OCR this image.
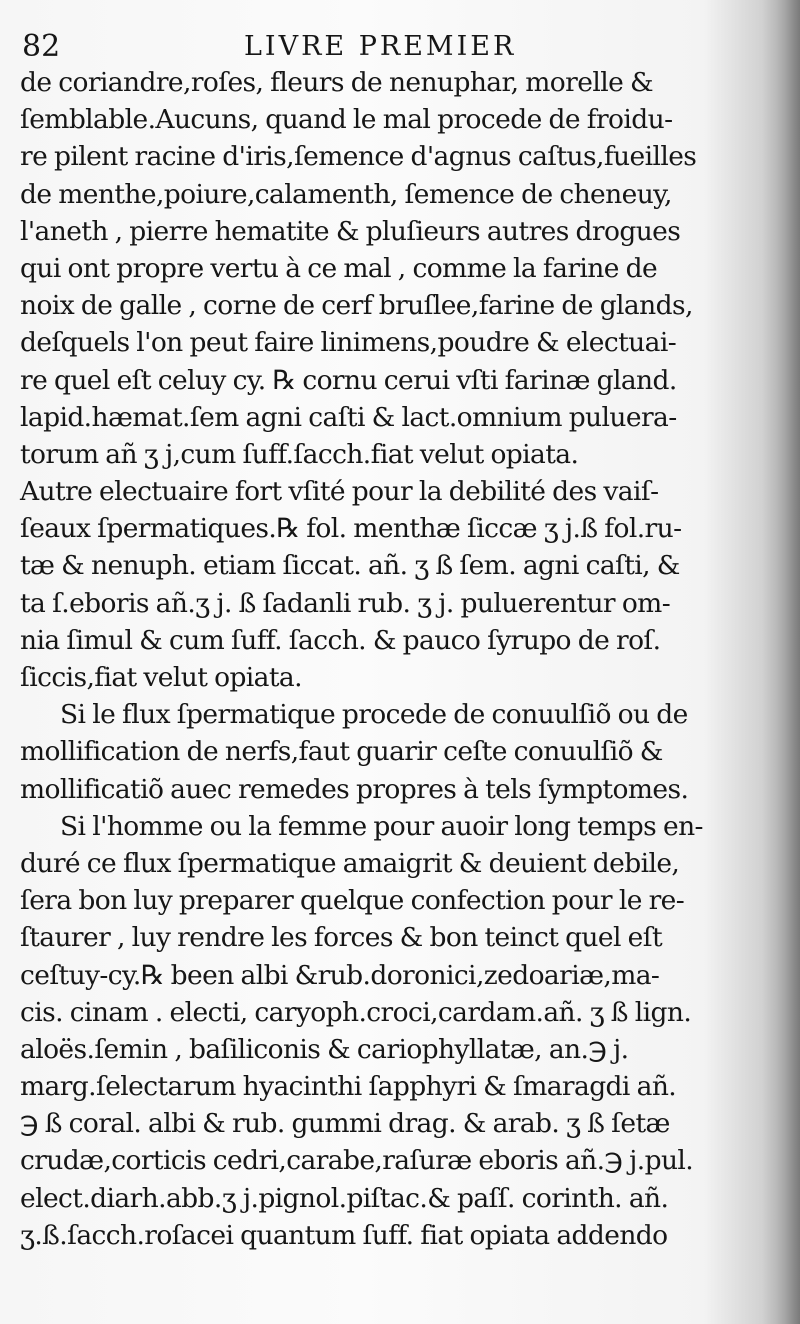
82	LIVRE PREMIER
de coriandre,roſes, fleurs de nenuphar, morelle &
ſemblable.Aucuns, quand le mal procede de froidu-
re pilent racine d'iris,ſemence d'agnus caſtus,fueilles
de menthe,poiure,calamenth, ſemence de cheneuy,
l'aneth , pierre hematite & pluſieurs autres drogues
qui ont propre vertu à ce mal , comme la farine de
noix de galle , corne de cerf bruſlee,farine de glands,
deſquels l'on peut faire linimens,poudre & electuai-
re quel eſt celuy cy. ℞ cornu cerui vſti farinæ gland.
lapid.hæmat.ſem agni caſti & lact.omnium puluera-
torum añ ʒ j,cum ſuff.ſacch.fiat velut opiata.
Autre electuaire fort vſité pour la debilité des vaiſ-
ſeaux ſpermatiques.℞ fol. menthæ ſiccæ ʒ j.ß fol.ru-
tæ & nenuph. etiam ſiccat. añ. ʒ ß ſem. agni caſti, &
ta ſ.eboris añ.ʒ j. ß ſadanli rub. ʒ j. puluerentur om-
nia ſimul & cum ſuff. ſacch. & pauco ſyrupo de roſ.
ſiccis,fiat velut opiata.
Si le flux ſpermatique procede de conuulſiõ ou de
mollification de nerfs,faut guarir ceſte conuulſiõ &
mollificatiõ auec remedes propres à tels ſymptomes.
Si l'homme ou la femme pour auoir long temps en-
duré ce flux ſpermatique amaigrit & deuient debile,
ſera bon luy preparer quelque confection pour le re-
ſtaurer , luy rendre les forces & bon teinct quel eſt
ceſtuy-cy.℞ been albi &rub.doronici,zedoariæ,ma-
cis. cinam . electi, caryoph.croci,cardam.añ. ʒ ß lign.
aloës.ſemin , baſiliconis & cariophyllatæ, an.℈ j.
marg.ſelectarum hyacinthi ſapphyri & ſmaragdi añ.
℈ ß coral. albi & rub. gummi drag. & arab. ʒ ß ſetæ
crudæ,corticis cedri,carabe,raſuræ eboris añ.℈ j.pul.
elect.diarh.abb.ʒ j.pignol.piſtac.& paſſ. corinth. añ.
ʒ.ß.ſacch.roſacei quantum ſuff. fiat opiata addendo
